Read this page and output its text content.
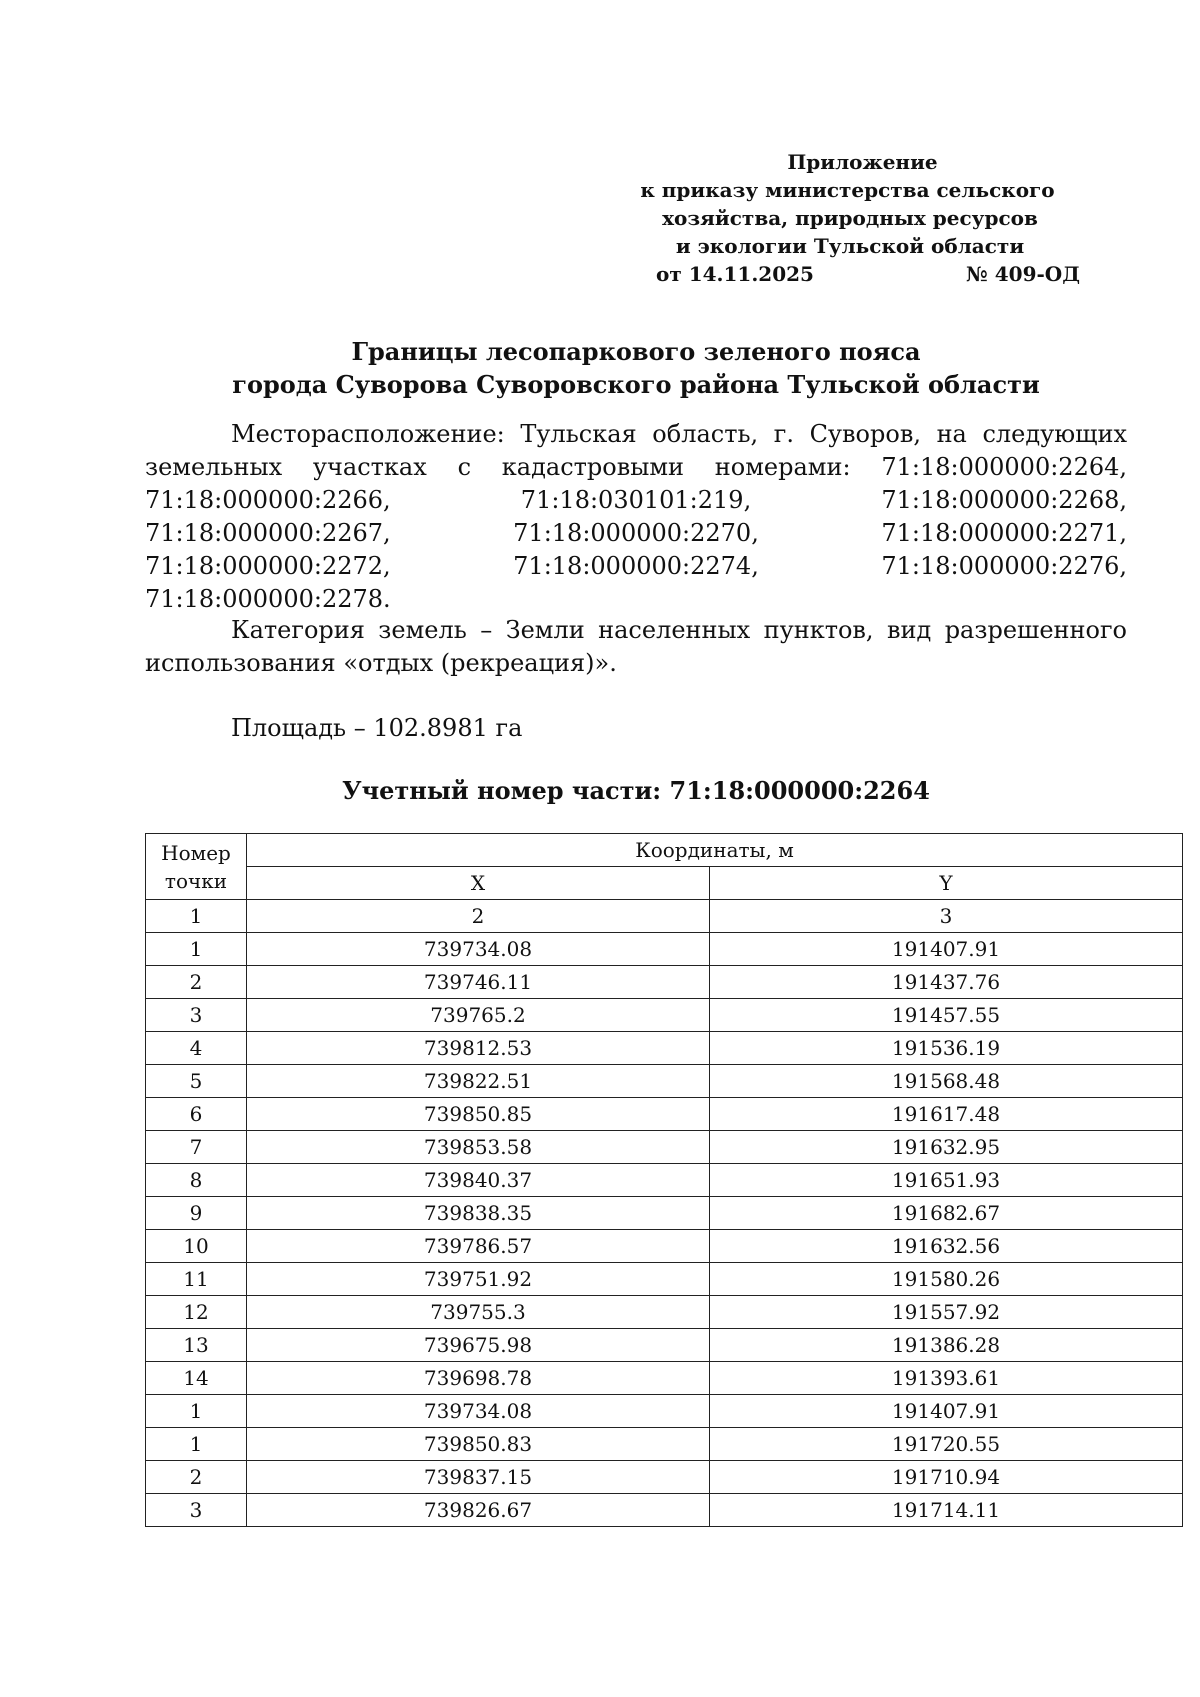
Приложение
к приказу министерства сельского
хозяйства, природных ресурсов
и экологии Тульской области
от 14.11.2025	№ 409-ОД
Границы лесопаркового зеленого пояса
города Суворова Суворовского района Тульской области
Месторасположение: Тульская область, г. Суворов, на следующих земельных участках с кадастровыми номерами: 71:18:000000:2264, 71:18:000000:2266, 71:18:030101:219, 71:18:000000:2268, 71:18:000000:2267, 71:18:000000:2270, 71:18:000000:2271, 71:18:000000:2272, 71:18:000000:2274, 71:18:000000:2276, 71:18:000000:2278.
Категория земель – Земли населенных пунктов, вид разрешенного использования «отдых (рекреация)».
Площадь – 102.8981 га
Учетный номер части: 71:18:000000:2264
Номер точки	Координаты, м	
	X	Y
1	2	3
1	739734.08	191407.91
2	739746.11	191437.76
3	739765.2	191457.55
4	739812.53	191536.19
5	739822.51	191568.48
6	739850.85	191617.48
7	739853.58	191632.95
8	739840.37	191651.93
9	739838.35	191682.67
10	739786.57	191632.56
11	739751.92	191580.26
12	739755.3	191557.92
13	739675.98	191386.28
14	739698.78	191393.61
1	739734.08	191407.91
1	739850.83	191720.55
2	739837.15	191710.94
3	739826.67	191714.11
